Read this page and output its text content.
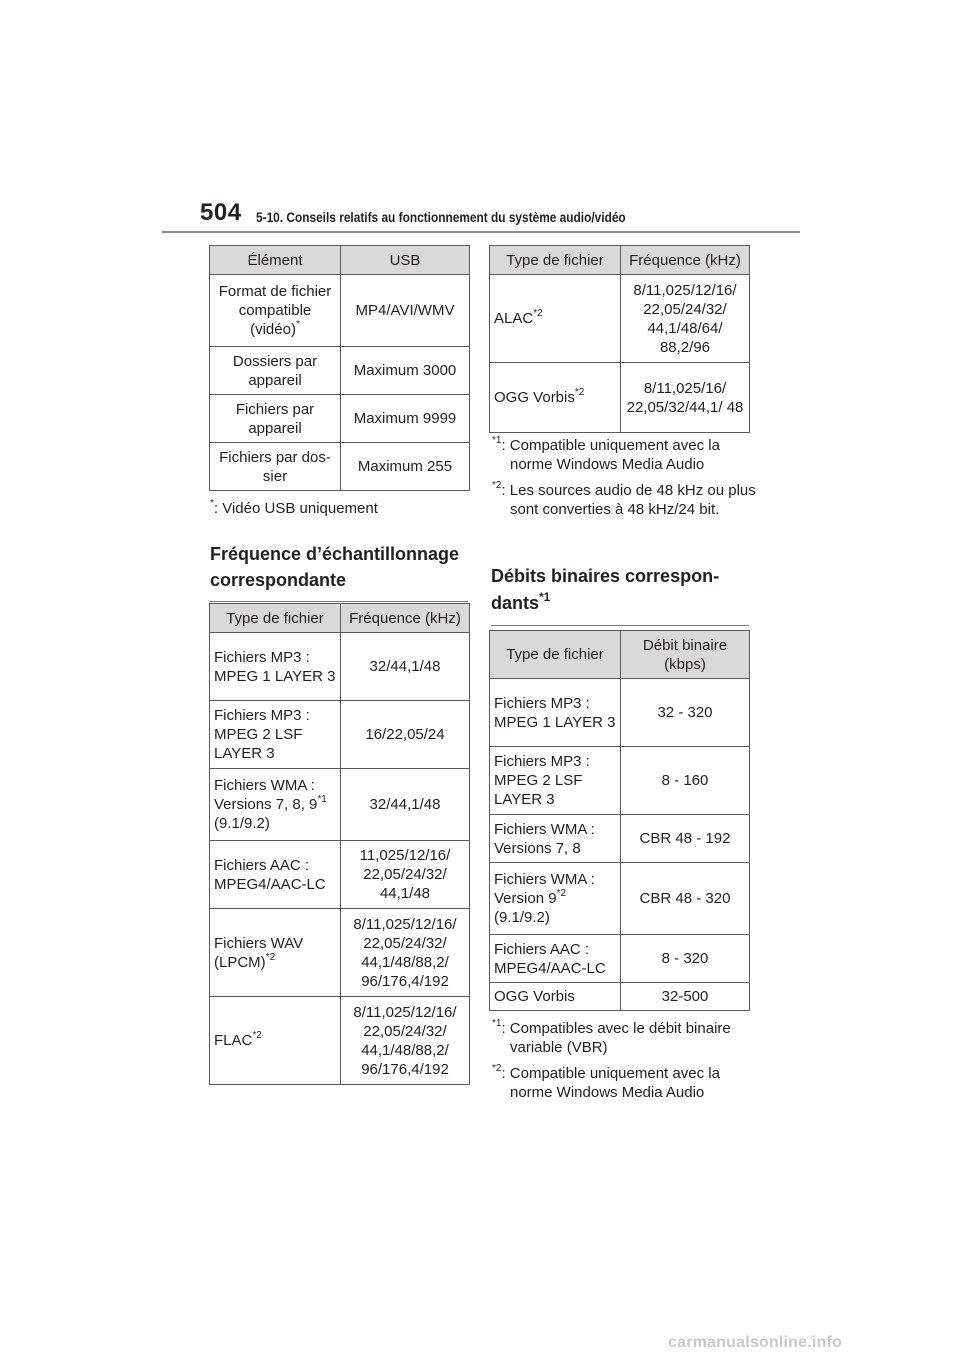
504 5-10. Conseils relatifs au fonctionnement du système audio/vidéo
Élément	USB
Format de fichier compatible (vidéo)*	MP4/AVI/WMV
Dossiers par appareil	Maximum 3000
Fichiers par appareil	Maximum 9999
Fichiers par dos-sier	Maximum 255
*: Vidéo USB uniquement
Fréquence d’échantillonnage correspondante
Type de fichier	Fréquence (kHz)
Fichiers MP3 : MPEG 1 LAYER 3	32/44,1/48
Fichiers MP3 : MPEG 2 LSF LAYER 3	16/22,05/24
Fichiers WMA :
Versions 7, 8, 9$^{*1}$
(9.1/9.2)	32/44,1/48
Fichiers AAC : MPEG4/AAC-LC	11,025/12/16/ 22,05/24/32/ 44,1/48
Fichiers WAV
(LPCM)$^{*2}$	8/11,025/12/16/ 22,05/24/32/ 44,1/48/88,2/ 96/176,4/192
FLAC$^{*2}$	8/11,025/12/16/ 22,05/24/32/ 44,1/48/88,2/ 96/176,4/192
Type de fichier	Fréquence (kHz)
ALAC$^{*2}$	8/11,025/12/16/ 22,05/24/32/ 44,1/48/64/ 88,2/96
OGG Vorbis$^{*2}$	8/11,025/16/ 22,05/32/44,1/ 48
$^{*1}$: Compatible uniquement avec la norme Windows Media Audio
$^{*2}$: Les sources audio de 48 kHz ou plus sont converties à 48 kHz/24 bit.
Débits binaires correspon-dants$^{*1}$
Type de fichier	Débit binaire (kbps)
Fichiers MP3 : MPEG 1 LAYER 3	32 - 320
Fichiers MP3 : MPEG 2 LSF LAYER 3	8 - 160
Fichiers WMA : Versions 7, 8	CBR 48 - 192
Fichiers WMA :
Version 9$^{*2}$
(9.1/9.2)	CBR 48 - 320
Fichiers AAC : MPEG4/AAC-LC	8 - 320
OGG Vorbis	32-500
$^{*1}$: Compatibles avec le débit binaire variable (VBR)
$^{*2}$: Compatible uniquement avec la norme Windows Media Audio
carmanualsonline.info
